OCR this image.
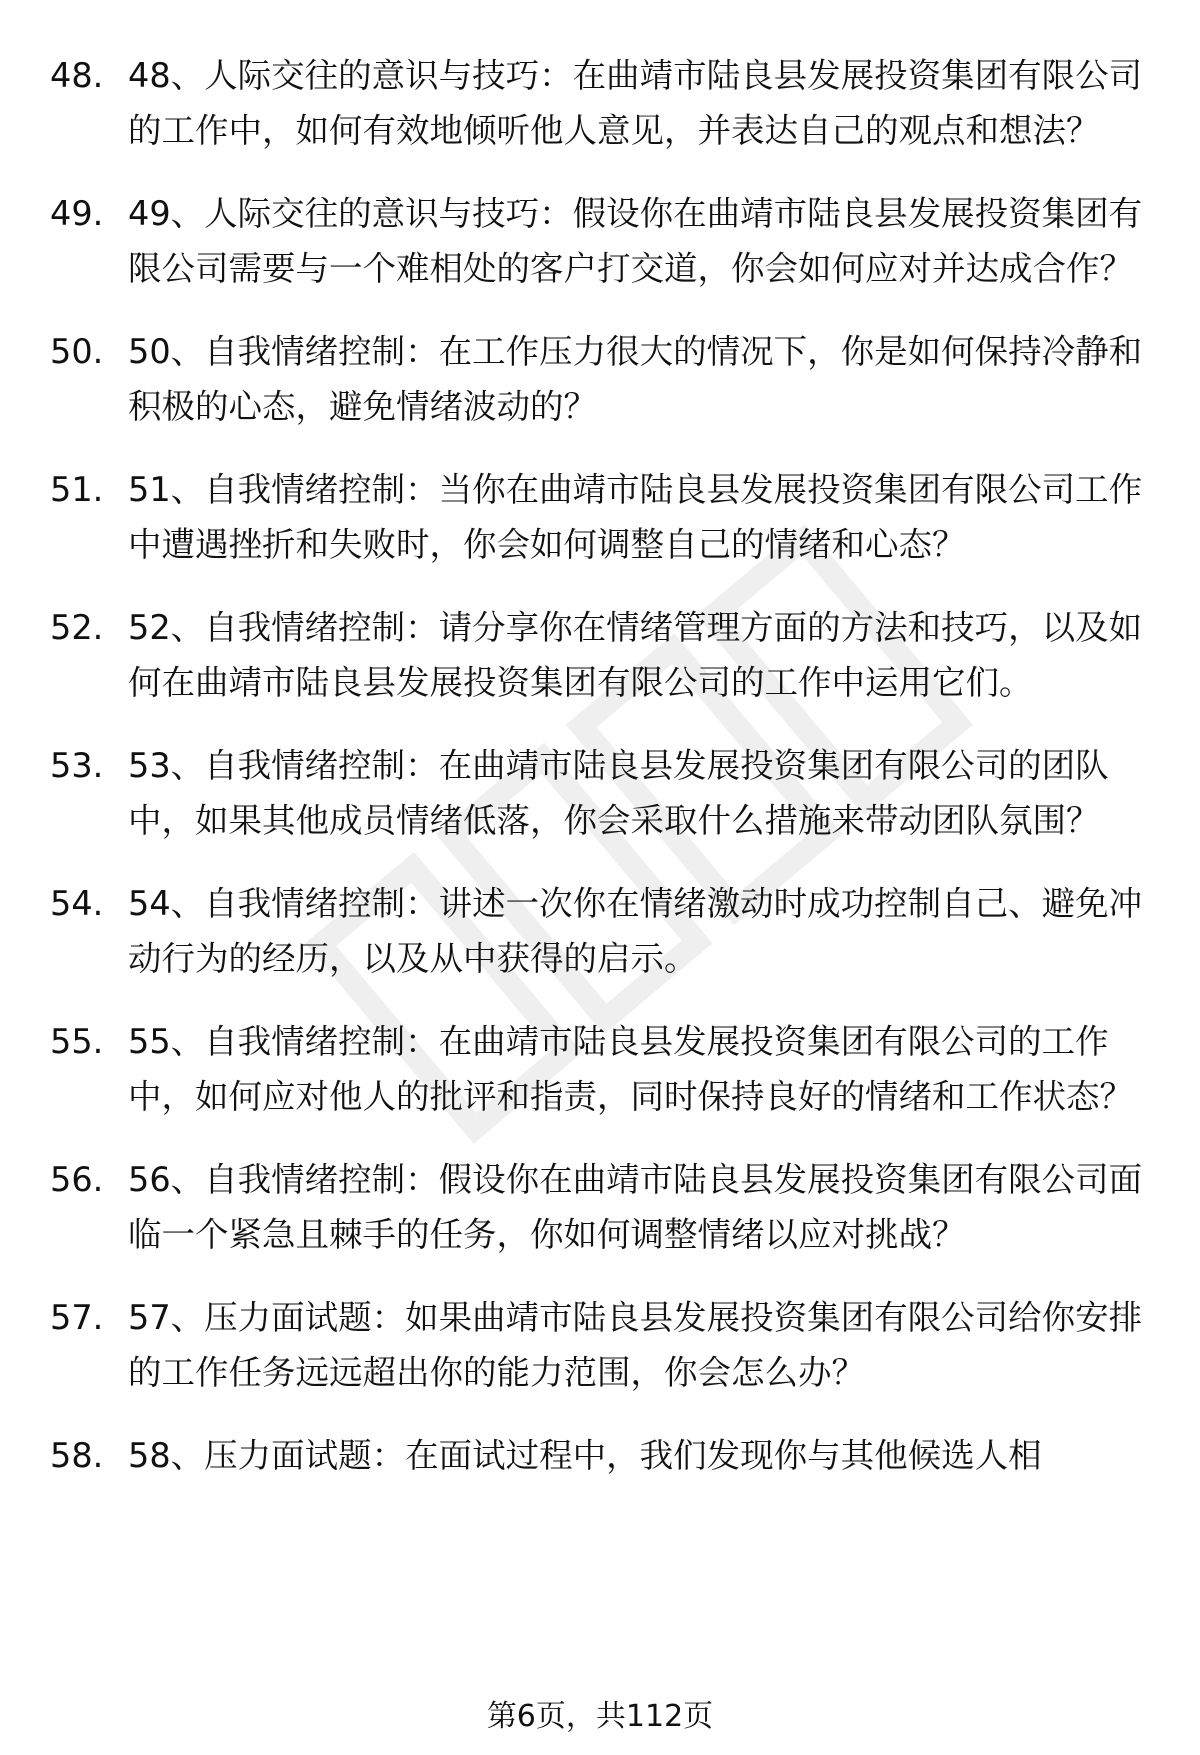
48. 48、人际交往的意识与技巧：在曲靖市陆良县发展投资集团有限公司的工作中，如何有效地倾听他人意见，并表达自己的观点和想法？
49. 49、人际交往的意识与技巧：假设你在曲靖市陆良县发展投资集团有限公司需要与一个难相处的客户打交道，你会如何应对并达成合作？
50. 50、自我情绪控制：在工作压力很大的情况下，你是如何保持冷静和积极的心态，避免情绪波动的？
51. 51、自我情绪控制：当你在曲靖市陆良县发展投资集团有限公司工作中遭遇挫折和失败时，你会如何调整自己的情绪和心态？
52. 52、自我情绪控制：请分享你在情绪管理方面的方法和技巧，以及如何在曲靖市陆良县发展投资集团有限公司的工作中运用它们。
53. 53、自我情绪控制：在曲靖市陆良县发展投资集团有限公司的团队中，如果其他成员情绪低落，你会采取什么措施来带动团队氛围？
54. 54、自我情绪控制：讲述一次你在情绪激动时成功控制自己、避免冲动行为的经历，以及从中获得的启示。
55. 55、自我情绪控制：在曲靖市陆良县发展投资集团有限公司的工作中，如何应对他人的批评和指责，同时保持良好的情绪和工作状态？
56. 56、自我情绪控制：假设你在曲靖市陆良县发展投资集团有限公司面临一个紧急且棘手的任务，你如何调整情绪以应对挑战？
57. 57、压力面试题：如果曲靖市陆良县发展投资集团有限公司给你安排的工作任务远远超出你的能力范围，你会怎么办？
58. 58、压力面试题：在面试过程中，我们发现你与其他候选人相
第6页，共112页
